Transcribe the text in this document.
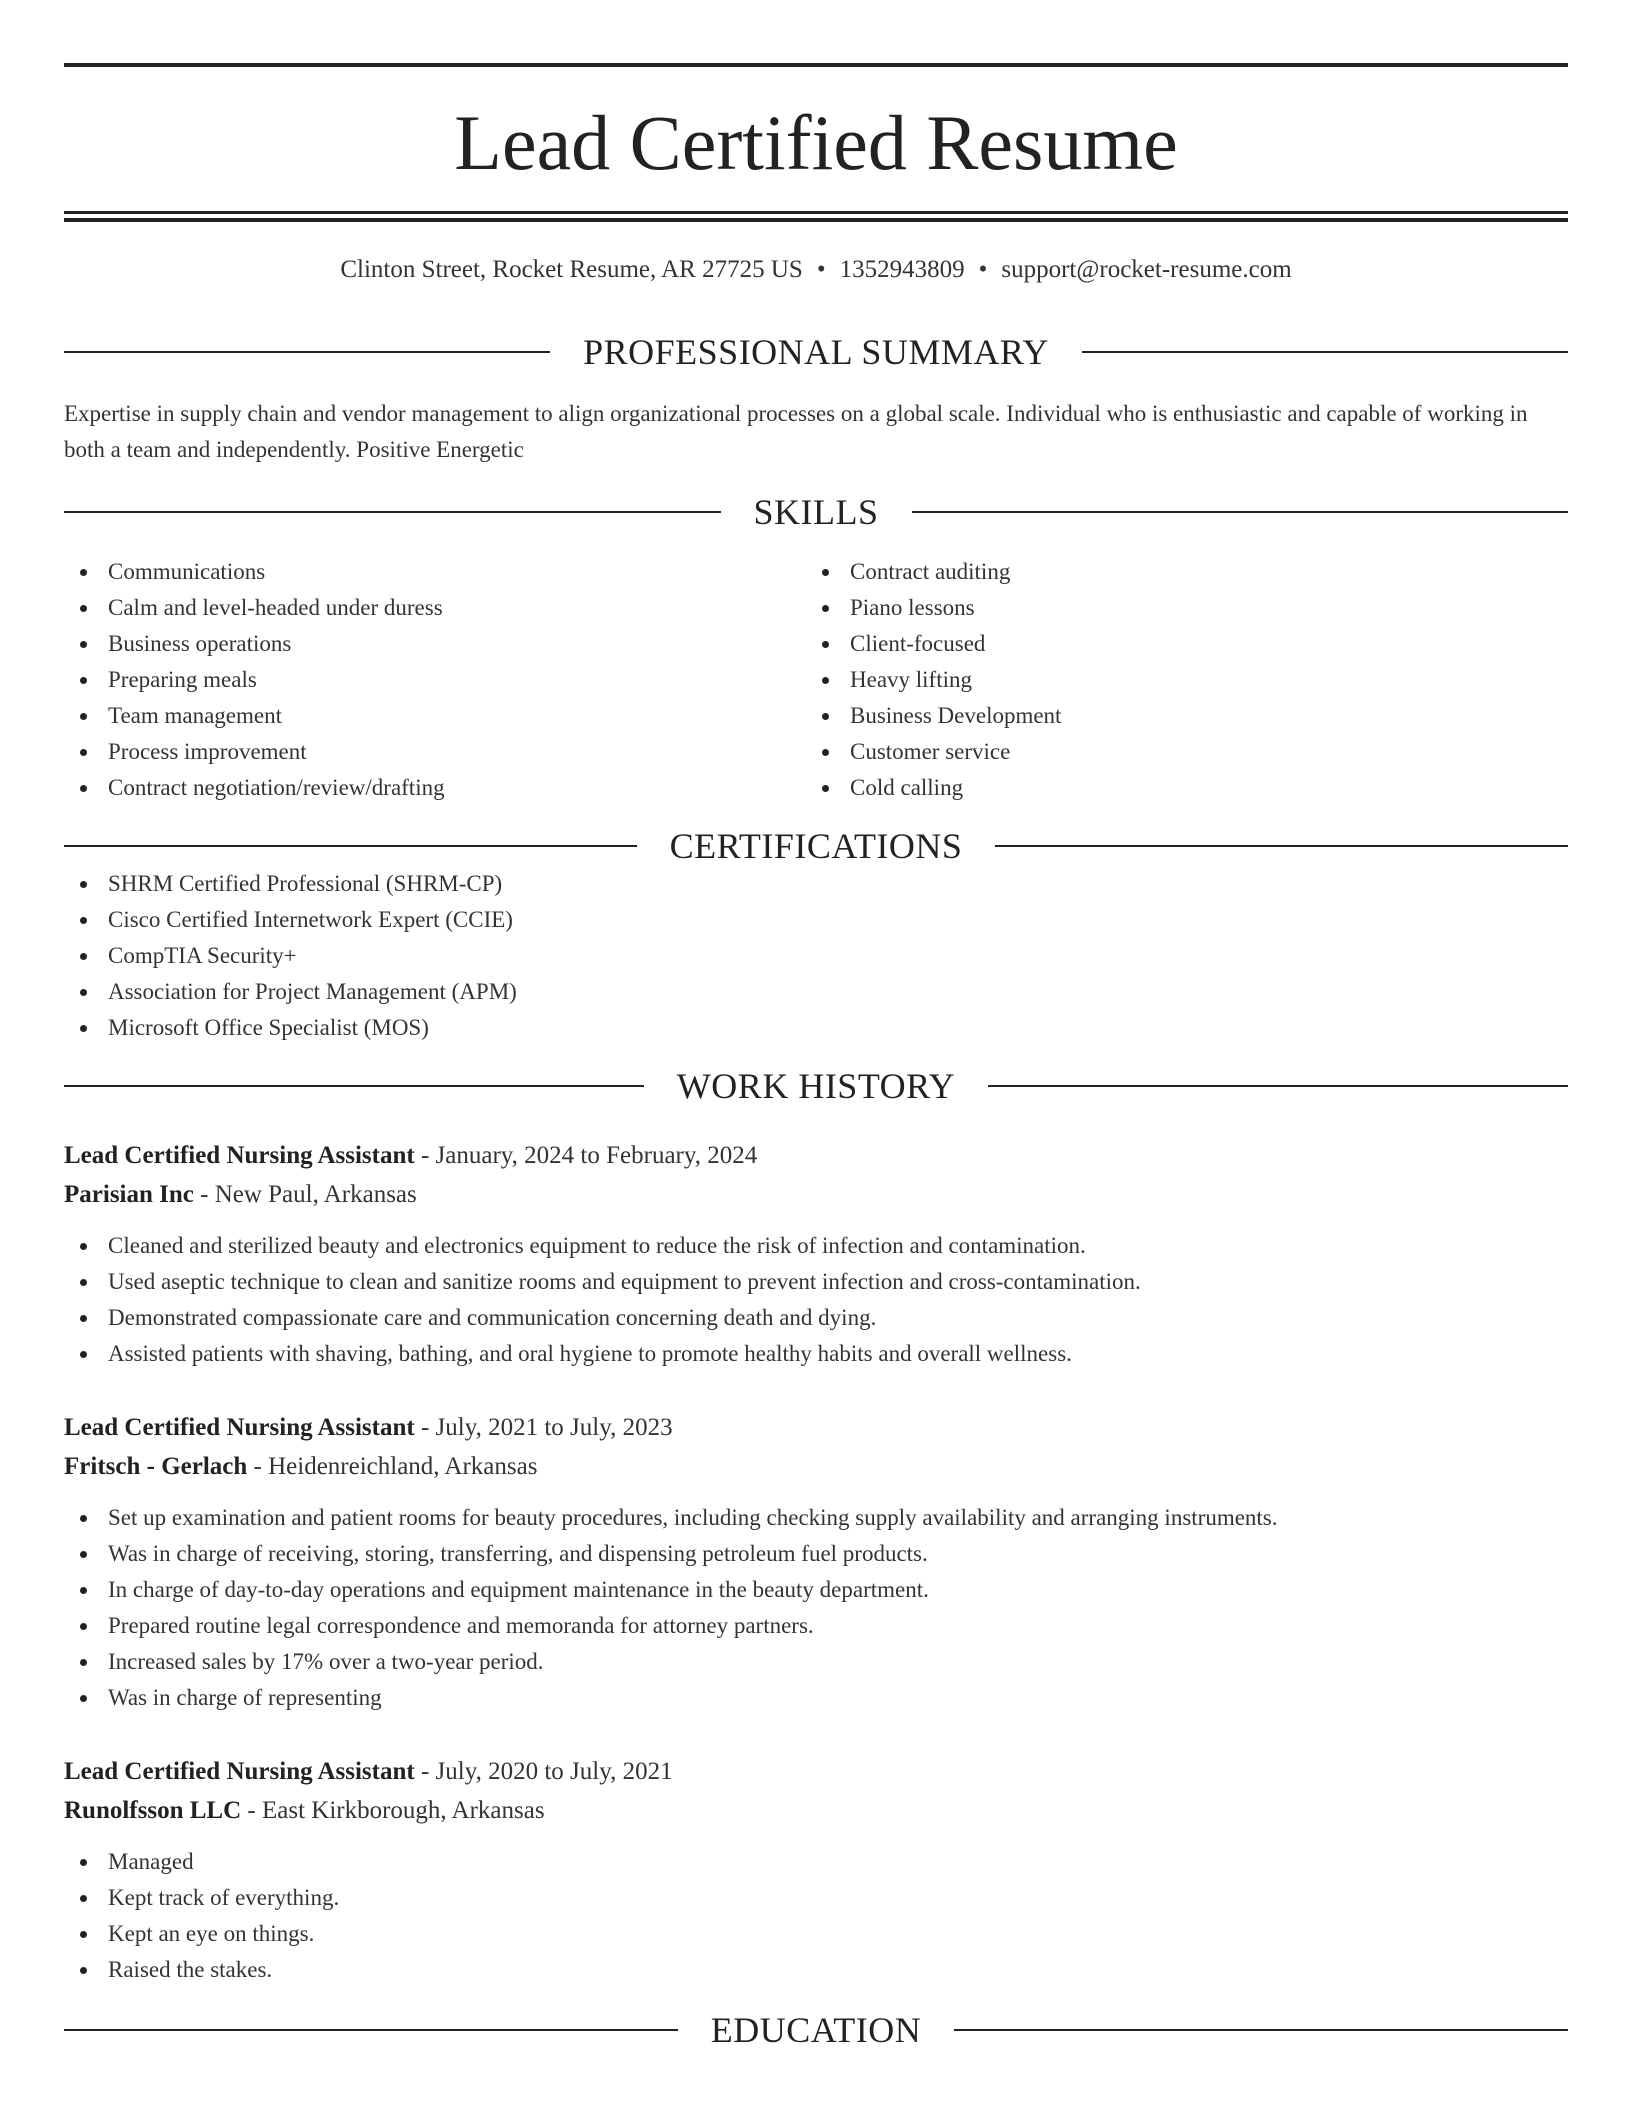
Lead Certified Resume
Clinton Street, Rocket Resume, AR 27725 US • 1352943809 • support@rocket-resume.com
PROFESSIONAL SUMMARY
Expertise in supply chain and vendor management to align organizational processes on a global scale. Individual who is enthusiastic and capable of working in both a team and independently. Positive Energetic
SKILLS
Communications
Calm and level-headed under duress
Business operations
Preparing meals
Team management
Process improvement
Contract negotiation/review/drafting
Contract auditing
Piano lessons
Client-focused
Heavy lifting
Business Development
Customer service
Cold calling
CERTIFICATIONS
SHRM Certified Professional (SHRM-CP)
Cisco Certified Internetwork Expert (CCIE)
CompTIA Security+
Association for Project Management (APM)
Microsoft Office Specialist (MOS)
WORK HISTORY
Lead Certified Nursing Assistant - January, 2024 to February, 2024
Parisian Inc - New Paul, Arkansas
Cleaned and sterilized beauty and electronics equipment to reduce the risk of infection and contamination.
Used aseptic technique to clean and sanitize rooms and equipment to prevent infection and cross-contamination.
Demonstrated compassionate care and communication concerning death and dying.
Assisted patients with shaving, bathing, and oral hygiene to promote healthy habits and overall wellness.
Lead Certified Nursing Assistant - July, 2021 to July, 2023
Fritsch - Gerlach - Heidenreichland, Arkansas
Set up examination and patient rooms for beauty procedures, including checking supply availability and arranging instruments.
Was in charge of receiving, storing, transferring, and dispensing petroleum fuel products.
In charge of day-to-day operations and equipment maintenance in the beauty department.
Prepared routine legal correspondence and memoranda for attorney partners.
Increased sales by 17% over a two-year period.
Was in charge of representing
Lead Certified Nursing Assistant - July, 2020 to July, 2021
Runolfsson LLC - East Kirkborough, Arkansas
Managed
Kept track of everything.
Kept an eye on things.
Raised the stakes.
EDUCATION
